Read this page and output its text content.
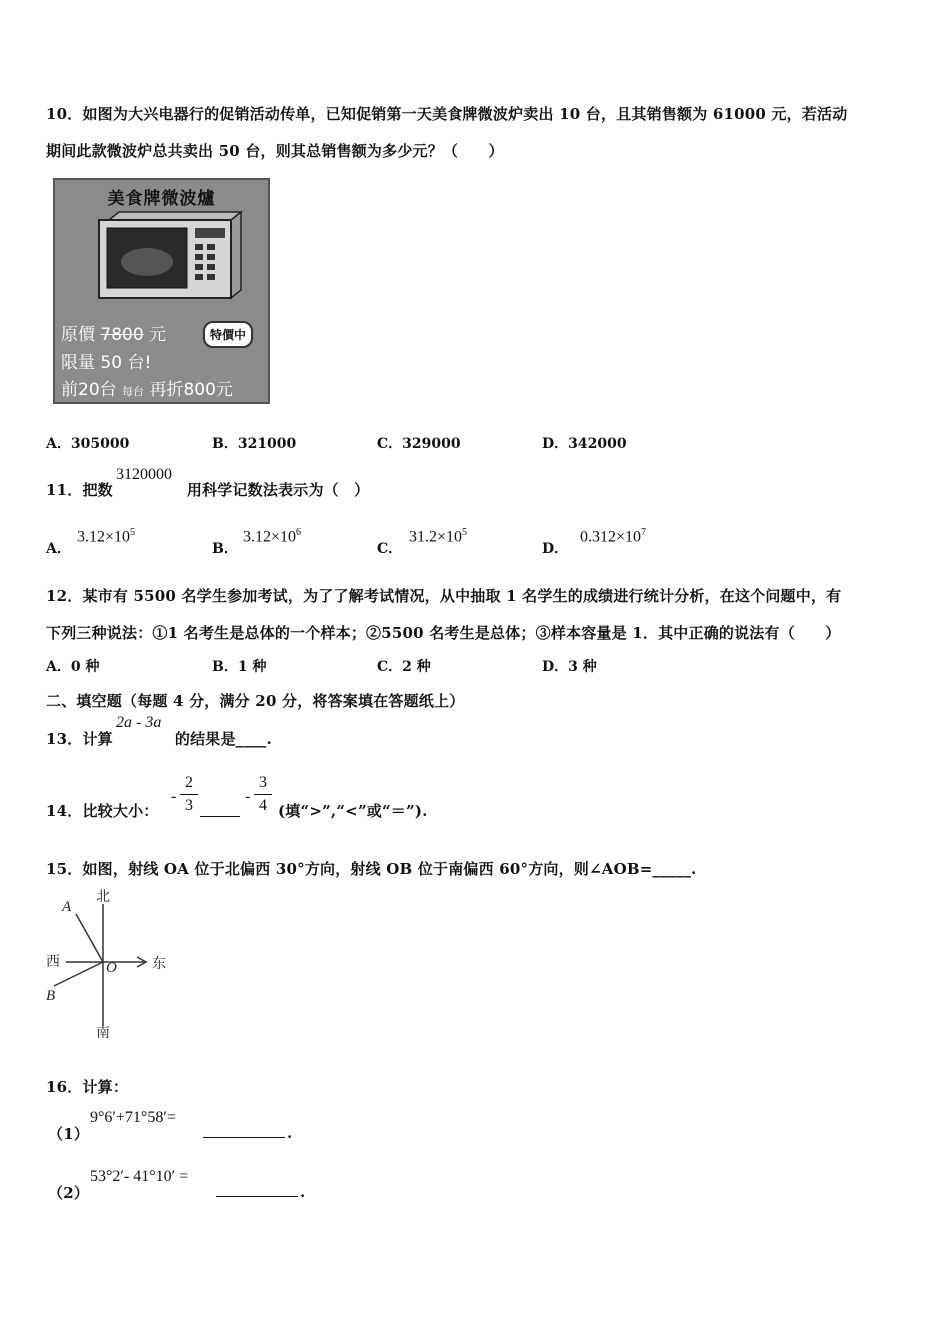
10．如图为大兴电器行的促销活动传单，已知促销第一天美食牌微波炉卖出 10 台，且其销售额为 61000 元，若活动
期间此款微波炉总共卖出 50 台，则其总销售额为多少元？（　　）
美食牌微波爐
原價 7800 元	特價中
限量 50 台!
前20台 每台 再折800元
A．305000	B．321000	C．329000	D．342000
11．把数	用科学记数法表示为（　）
3120000
A．
$3.12\times 10^5$
B．
$3.12\times 10^6$
C．
$31.2\times 10^5$
D．
$0.312\times 10^7$
12．某市有 5500 名学生参加考试，为了了解考试情况，从中抽取 1 名学生的成绩进行统计分析，在这个问题中，有
下列三种说法：①1 名考生是总体的一个样本；②5500 名考生是总体；③样本容量是 1．其中正确的说法有（　　）
A．0 种	B．1 种	C．2 种	D．3 种
二、填空题（每题 4 分，满分 20 分，将答案填在答题纸上）
13．计算	的结果是____.
2a - 3a
14．比较大小：
-
2
3
-
3
4 (填“>”,“<”或“＝”).
15．如图，射线 OA 位于北偏西 30°方向，射线 OB 位于南偏西 60°方向，则∠AOB=_____.
北
南
东
西	O
A
B
16．计算：
（1）
9°6′+71°58′=
.
（2）
53°2′- 41°10′ =
.
